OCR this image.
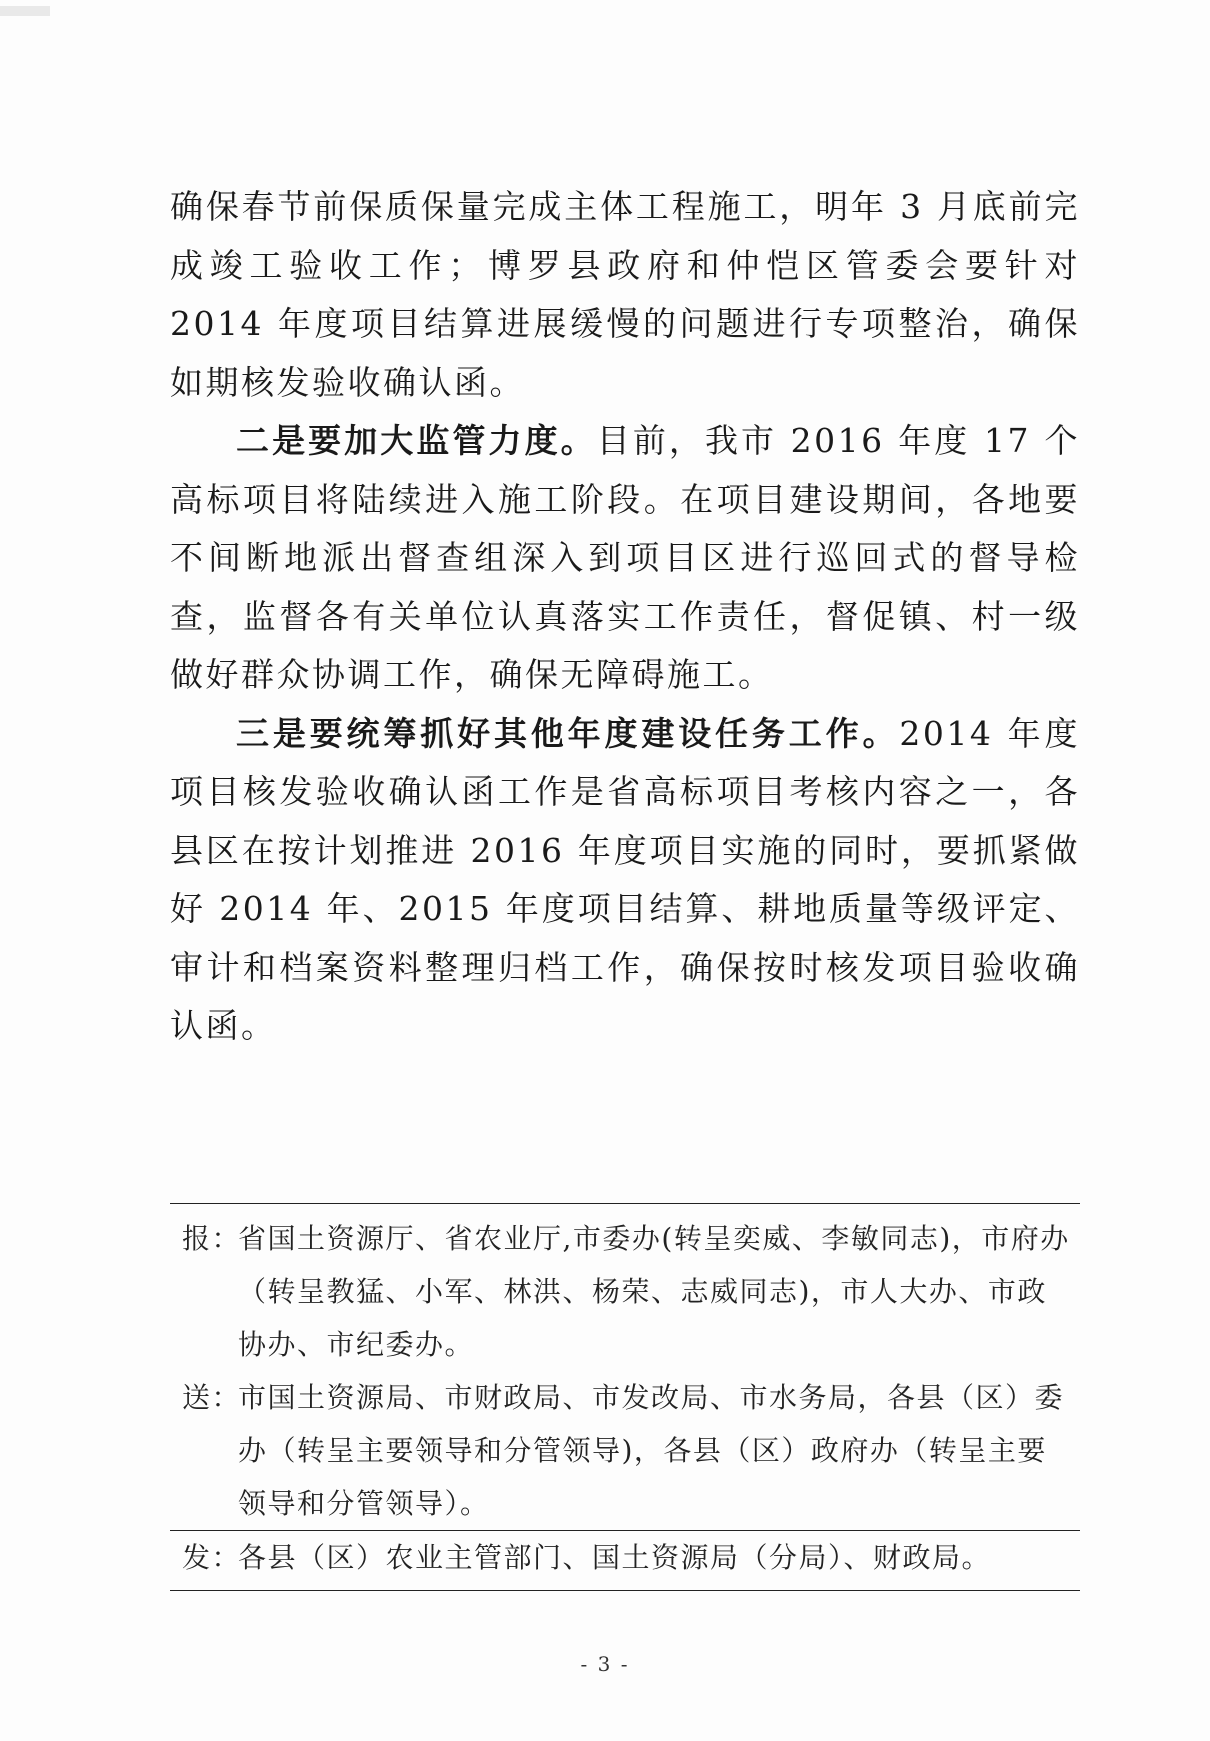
确保春节前保质保量完成主体工程施工，明年 3 月底前完成竣工验收工作；博罗县政府和仲恺区管委会要针对 2014 年度项目结算进展缓慢的问题进行专项整治，确保如期核发验收确认函。

二是要加大监管力度。目前，我市 2016 年度 17 个高标项目将陆续进入施工阶段。在项目建设期间，各地要不间断地派出督查组深入到项目区进行巡回式的督导检查，监督各有关单位认真落实工作责任，督促镇、村一级做好群众协调工作，确保无障碍施工。

三是要统筹抓好其他年度建设任务工作。2014 年度项目核发验收确认函工作是省高标项目考核内容之一，各县区在按计划推进 2016 年度项目实施的同时，要抓紧做好 2014 年、2015 年度项目结算、耕地质量等级评定、审计和档案资料整理归档工作，确保按时核发项目验收确认函。

报：
省国土资源厅、省农业厅,市委办(转呈奕威、李敏同志)，市府办（转呈教猛、小军、林洪、杨荣、志威同志)，市人大办、市政协办、市纪委办。
送：
市国土资源局、市财政局、市发改局、市水务局，各县（区）委办（转呈主要领导和分管领导)，各县（区）政府办（转呈主要领导和分管领导）。
发：
各县（区）农业主管部门、国土资源局（分局）、财政局。
- 3 -
